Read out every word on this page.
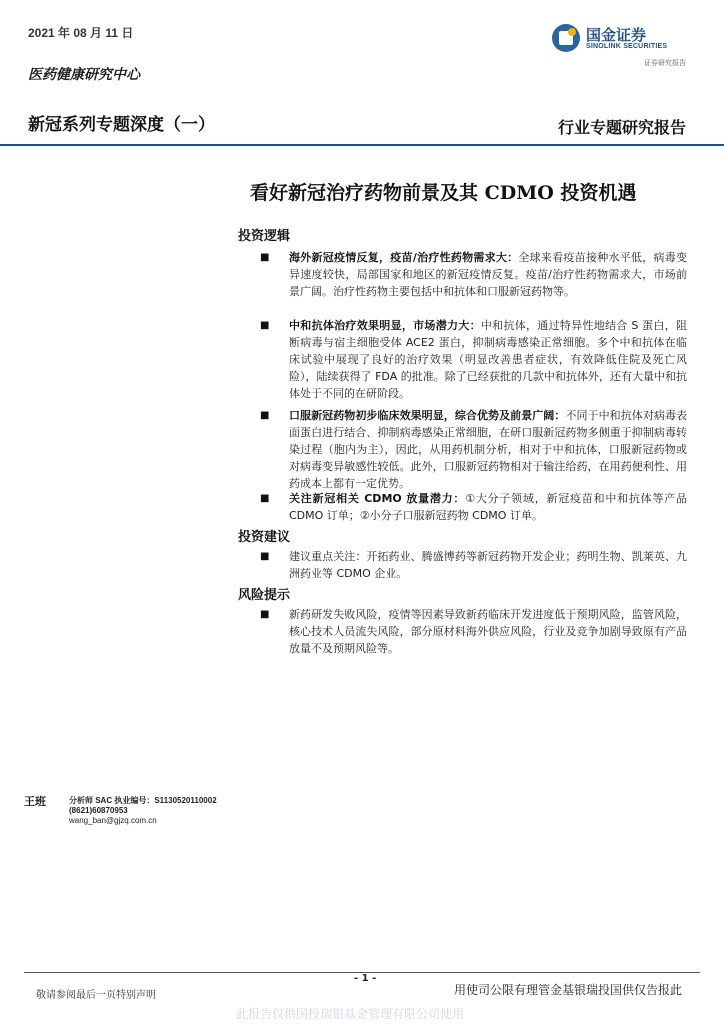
2021 年 08 月 11 日
医药健康研究中心
新冠系列专题深度（一）	行业专题研究报告
国金证券
SINOLINK SECURITIES
证券研究报告
看好新冠治疗药物前景及其 CDMO 投资机遇
投资逻辑
■ 海外新冠疫情反复，疫苗/治疗性药物需求大：全球来看疫苗接种水平低，病毒变异速度较快，局部国家和地区的新冠疫情反复。疫苗/治疗性药物需求大，市场前景广阔。治疗性药物主要包括中和抗体和口服新冠药物等。
■ 中和抗体治疗效果明显，市场潜力大：中和抗体，通过特异性地结合 S 蛋白，阻断病毒与宿主细胞受体 ACE2 蛋白，抑制病毒感染正常细胞。多个中和抗体在临床试验中展现了良好的治疗效果（明显改善患者症状，有效降低住院及死亡风险），陆续获得了 FDA 的批准。除了已经获批的几款中和抗体外，还有大量中和抗体处于不同的在研阶段。
■ 口服新冠药物初步临床效果明显，综合优势及前景广阔：不同于中和抗体对病毒表面蛋白进行结合、抑制病毒感染正常细胞，在研口服新冠药物多侧重于抑制病毒转染过程（胞内为主），因此，从用药机制分析，相对于中和抗体，口服新冠药物或对病毒变异敏感性较低。此外，口服新冠药物相对于输注给药，在用药便利性、用药成本上都有一定优势。
■ 关注新冠相关 CDMO 放量潜力：①大分子领域，新冠疫苗和中和抗体等产品 CDMO 订单；②小分子口服新冠药物 CDMO 订单。
投资建议
■ 建议重点关注：开拓药业、腾盛博药等新冠药物开发企业；药明生物、凯莱英、九洲药业等 CDMO 企业。
风险提示
■ 新药研发失败风险，疫情等因素导致新药临床开发进度低于预期风险，监管风险，核心技术人员流失风险，部分原材料海外供应风险，行业及竞争加剧导致原有产品放量不及预期风险等。
王班	分析师 SAC 执业编号：S1130520110002
(8621)60870953
wang_ban@gjzq.com.cn
- 1 -
敬请参阅最后一页特别声明	用使司公限有理管金基银瑞投国供仅告报此
此报告仅供国投瑞银基金管理有限公司使用
